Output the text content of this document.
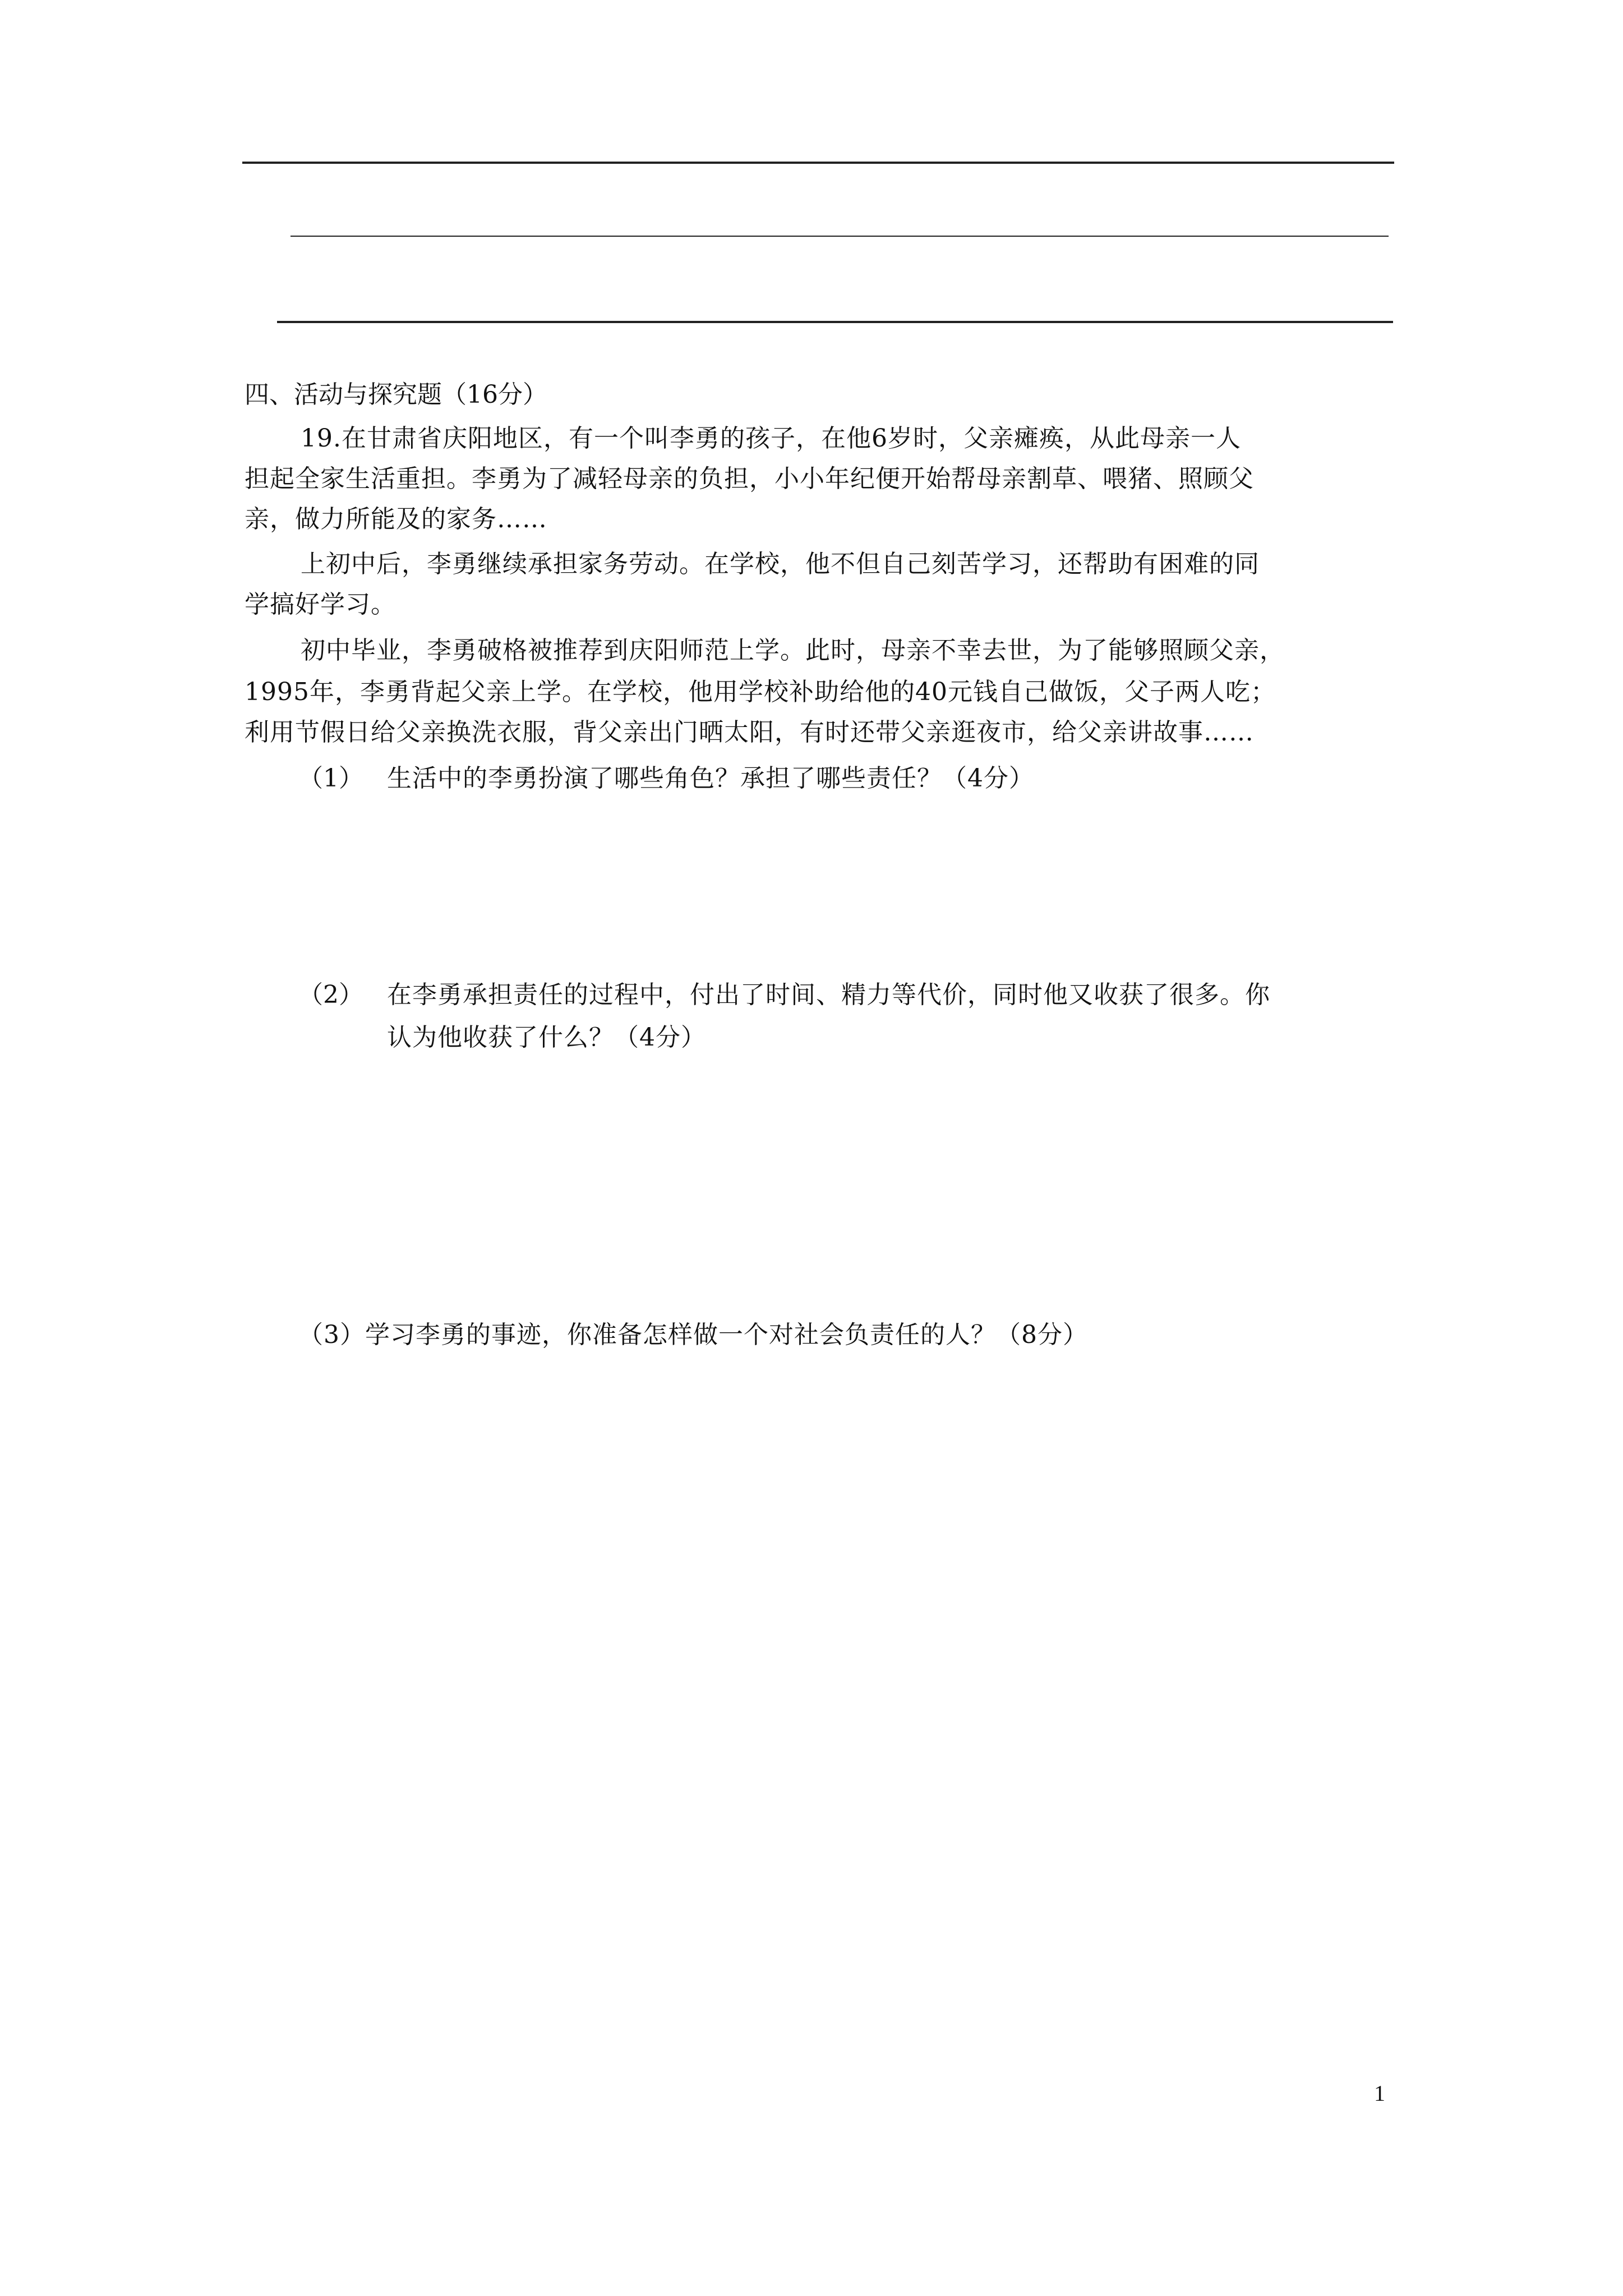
四、活动与探究题（16分）
19.在甘肃省庆阳地区，有一个叫李勇的孩子，在他6岁时，父亲瘫痪，从此母亲一人
担起全家生活重担。李勇为了减轻母亲的负担，小小年纪便开始帮母亲割草、喂猪、照顾父
亲，做力所能及的家务……
上初中后，李勇继续承担家务劳动。在学校，他不但自己刻苦学习，还帮助有困难的同
学搞好学习。
初中毕业，李勇破格被推荐到庆阳师范上学。此时，母亲不幸去世，为了能够照顾父亲，
1995年，李勇背起父亲上学。在学校，他用学校补助给他的40元钱自己做饭，父子两人吃；
利用节假日给父亲换洗衣服，背父亲出门晒太阳，有时还带父亲逛夜市，给父亲讲故事……
（1） 生活中的李勇扮演了哪些角色？承担了哪些责任？（4分）
（2） 在李勇承担责任的过程中，付出了时间、精力等代价，同时他又收获了很多。你
认为他收获了什么？（4分）
（3）学习李勇的事迹，你准备怎样做一个对社会负责任的人？（8分）
1
